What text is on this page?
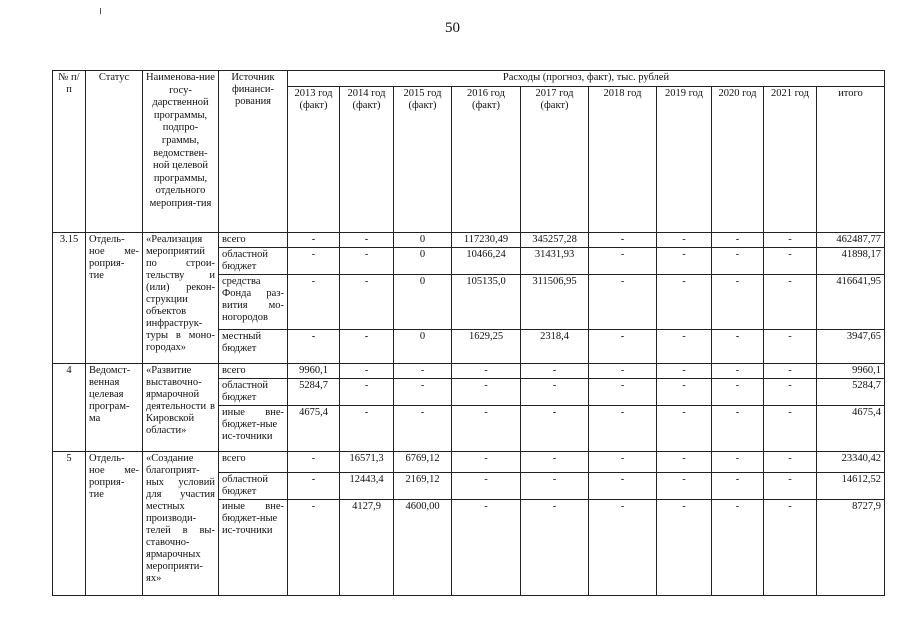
50
№ п/п	Статус	Наименова-ние госу-дарственной программы, подпро-граммы, ведомствен-ной целевой программы, отдельного мероприя-тия	Источник финанси-рования	Расходы (прогноз, факт), тыс. рублей									
				2013 год (факт)	2014 год (факт)	2015 год (факт)	2016 год (факт)	2017 год (факт)	2018 год	2019 год	2020 год	2021 год	итого
3.15	Отдель-ное ме-роприя-тие	«Реализация мероприятий по строи-тельству и (или) рекон-струкции объектов инфраструк-туры в моно-городах»	всего	-	-	0	117230,49	345257,28	-	-	-	-	462487,77
			областной бюджет	-	-	0	10466,24	31431,93	-	-	-	-	41898,17
			средства Фонда раз-вития мо-ногородов	-	-	0	105135,0	311506,95	-	-	-	-	416641,95
			местный бюджет	-	-	0	1629,25	2318,4	-	-	-	-	3947,65
4	Ведомст-венная целевая програм-ма	«Развитие выставочно-ярмарочной деятельности в Кировской области»	всего	9960,1	-	-	-	-	-	-	-	-	9960,1
			областной бюджет	5284,7	-	-	-	-	-	-	-	-	5284,7
			иные вне-бюджет-ные ис-точники	4675,4	-	-	-	-	-	-	-	-	4675,4
5	Отдель-ное ме-роприя-тие	«Создание благоприят-ных условий для участия местных производи-телей в вы-ставочно-ярмарочных мероприяти-ях»	всего	-	16571,3	6769,12	-	-	-	-	-	-	23340,42
			областной бюджет	-	12443,4	2169,12	-	-	-	-	-	-	14612,52
			иные вне-бюджет-ные ис-точники	-	4127,9	4600,00	-	-	-	-	-	-	8727,9
